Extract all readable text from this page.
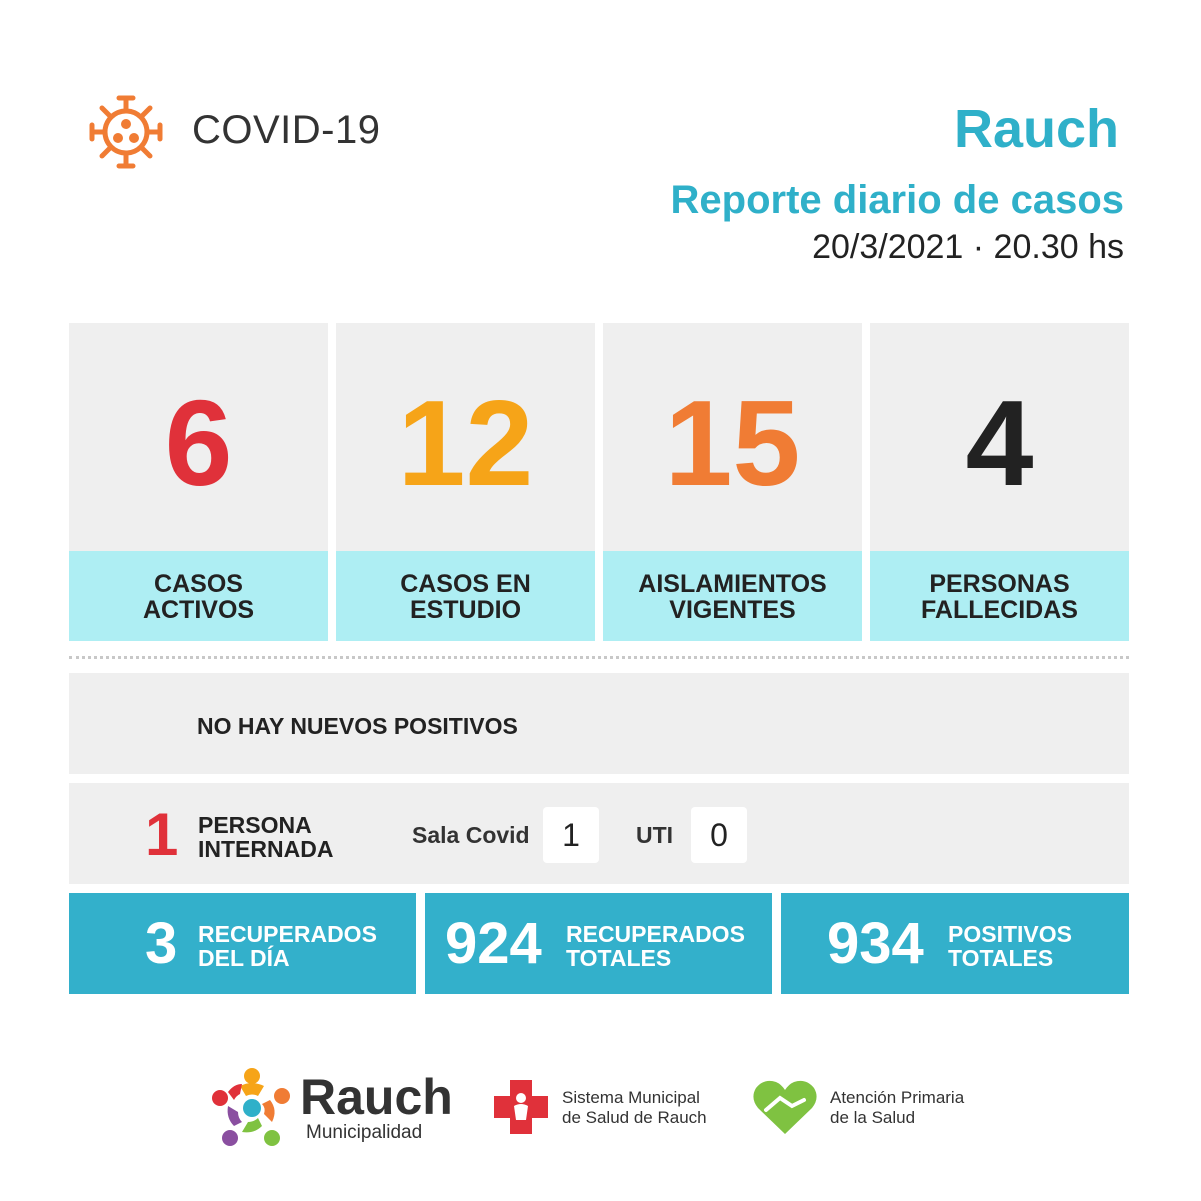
COVID-19	Rauch
Reporte diario de casos
20/3/2021 · 20.30 hs
6
CASOS
ACTIVOS
12
CASOS EN
ESTUDIO
15
AISLAMIENTOS
VIGENTES
4
PERSONAS
FALLECIDAS
NO HAY NUEVOS POSITIVOS
1 PERSONA
INTERNADA
Sala Covid	1	UTI	0
3 RECUPERADOS
DEL DÍA	924 RECUPERADOS
TOTALES	934 POSITIVOS
TOTALES
Rauch
Municipalidad
Sistema Municipal
de Salud de Rauch
Atención Primaria
de la Salud
